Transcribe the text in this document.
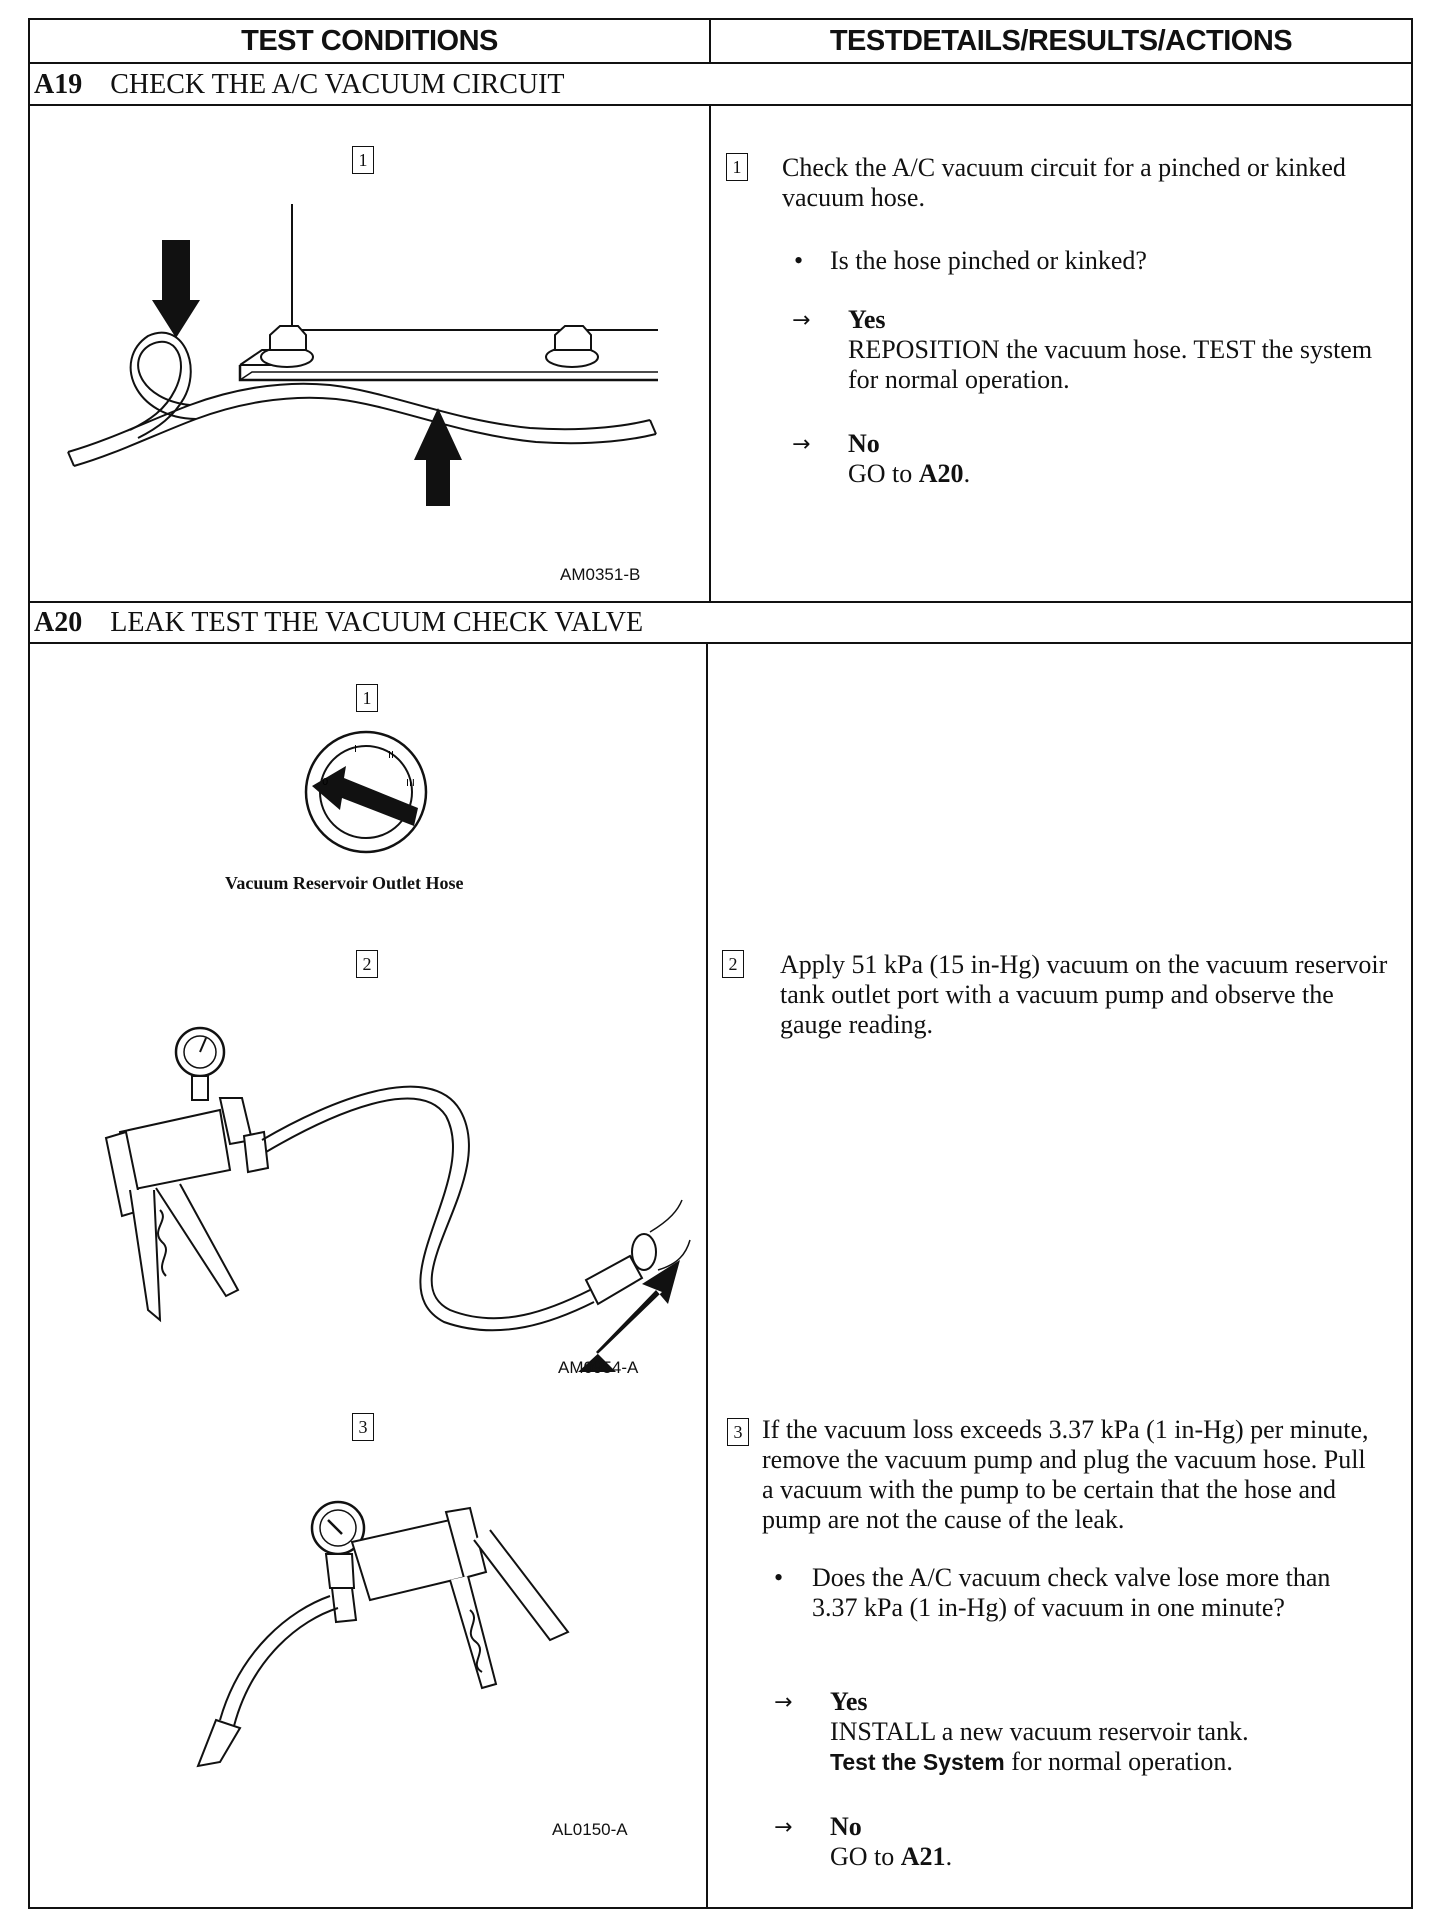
TEST CONDITIONS	TESTDETAILS/RESULTS/ACTIONS
A19 CHECK THE A/C VACUUM CIRCUIT
1
AM0351-B
1 Check the A/C vacuum circuit for a pinched or kinked vacuum hose.
• Is the hose pinched or kinked?
→ Yes
REPOSITION the vacuum hose. TEST the system for normal operation.
→ No
GO to A20.
A20 LEAK TEST THE VACUUM CHECK VALVE
1
0
I
II
III
Vacuum Reservoir Outlet Hose
2
AM0954-A
3
AL0150-A
2 Apply 51 kPa (15 in-Hg) vacuum on the vacuum reservoir tank outlet port with a vacuum pump and observe the gauge reading.
3 If the vacuum loss exceeds 3.37 kPa (1 in-Hg) per minute, remove the vacuum pump and plug the vacuum hose. Pull a vacuum with the pump to be certain that the hose and pump are not the cause of the leak.
• Does the A/C vacuum check valve lose more than 3.37 kPa (1 in-Hg) of vacuum in one minute?
→ Yes
INSTALL a new vacuum reservoir tank.
Test the System for normal operation.
→ No
GO to A21.
